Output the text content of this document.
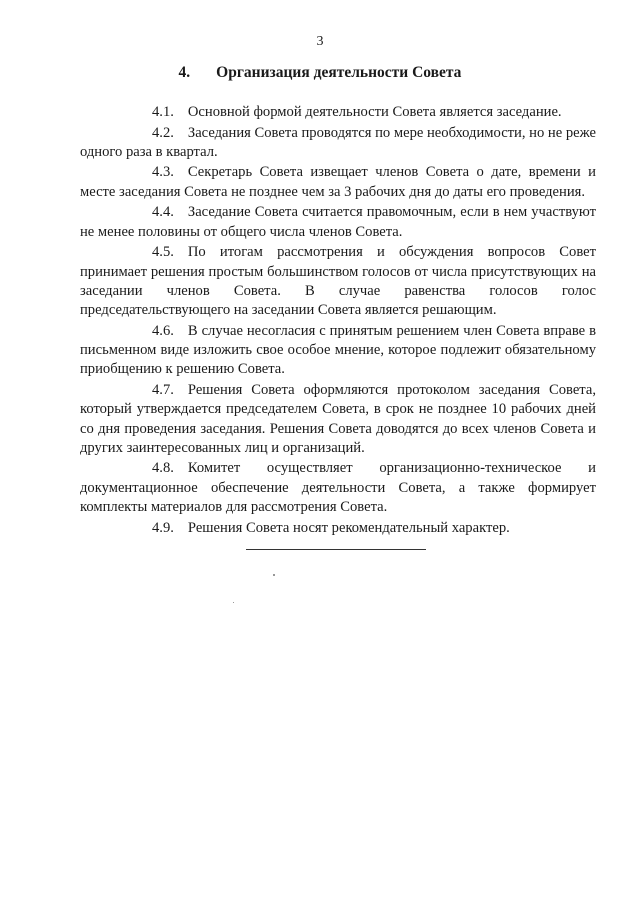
3
4. Организация деятельности Совета

4.1. Основной формой деятельности Совета является заседание.

4.2. Заседания Совета проводятся по мере необходимости, но не реже одного раза в квартал.

4.3. Секретарь Совета извещает членов Совета о дате, времени и месте заседания Совета не позднее чем за 3 рабочих дня до даты его проведения.

4.4. Заседание Совета считается правомочным, если в нем участвуют не менее половины от общего числа членов Совета.

4.5. По итогам рассмотрения и обсуждения вопросов Совет принимает решения простым большинством голосов от числа присутствующих на заседании членов Совета. В случае равенства голосов голос председательствующего на заседании Совета является решающим.

4.6. В случае несогласия с принятым решением член Совета вправе в письменном виде изложить свое особое мнение, которое подлежит обязательному приобщению к решению Совета.

4.7. Решения Совета оформляются протоколом заседания Совета, который утверждается председателем Совета, в срок не позднее 10 рабочих дней со дня проведения заседания. Решения Совета доводятся до всех членов Совета и других заинтересованных лиц и организаций.

4.8. Комитет осуществляет организационно-техническое и документационное обеспечение деятельности Совета, а также формирует комплекты материалов для рассмотрения Совета.

4.9. Решения Совета носят рекомендательный характер.
